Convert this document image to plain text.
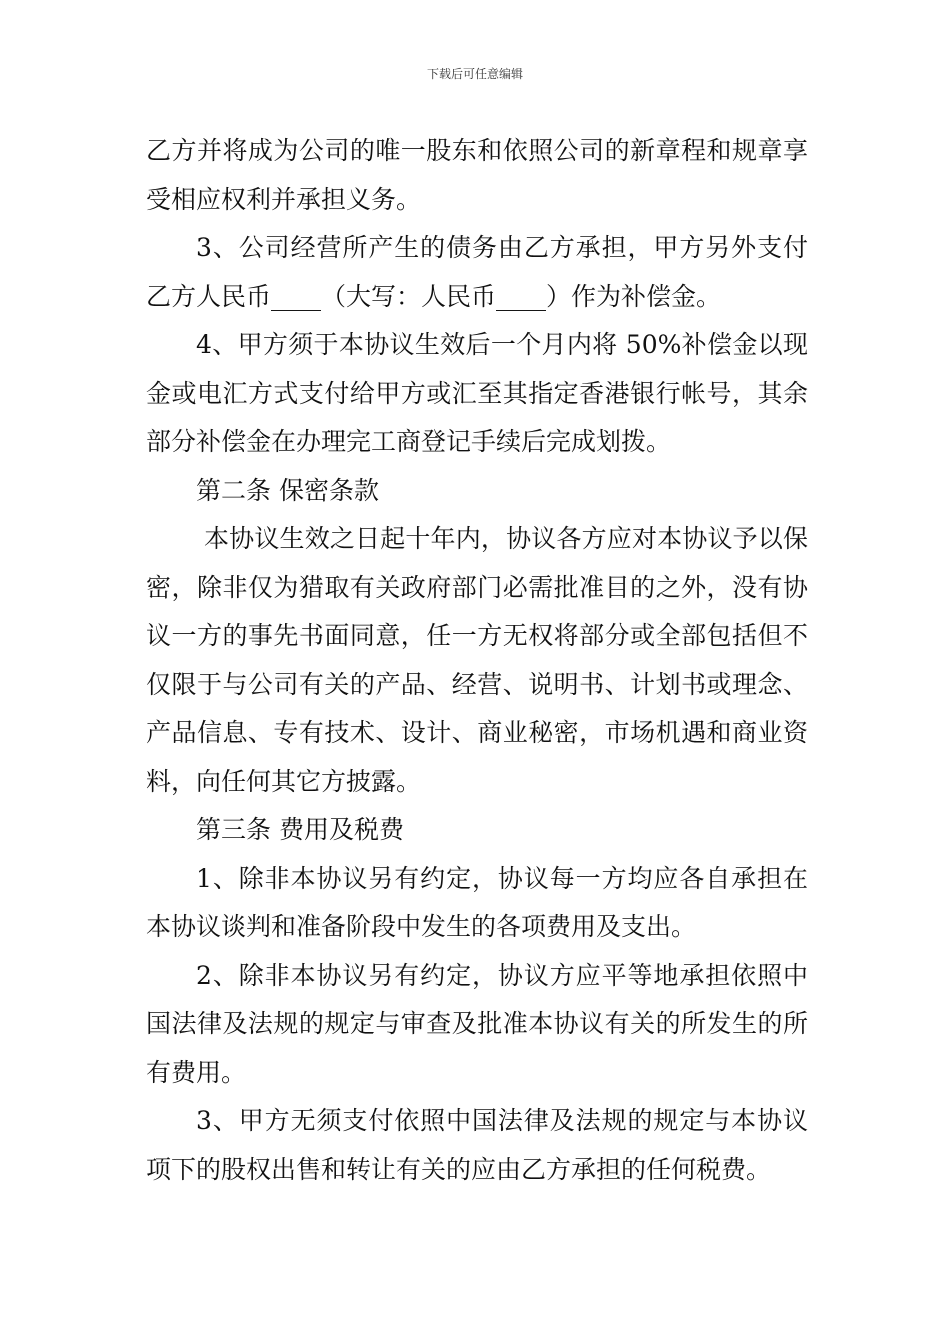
下载后可任意编辑

乙方并将成为公司的唯一股东和依照公司的新章程和规章享受相应权利并承担义务。

3、公司经营所产生的债务由乙方承担，甲方另外支付乙方人民币____（大写：人民币____）作为补偿金。

4、甲方须于本协议生效后一个月内将 50%补偿金以现金或电汇方式支付给甲方或汇至其指定香港银行帐号，其余部分补偿金在办理完工商登记手续后完成划拨。

第二条 保密条款

本协议生效之日起十年内，协议各方应对本协议予以保密，除非仅为猎取有关政府部门必需批准目的之外，没有协议一方的事先书面同意，任一方无权将部分或全部包括但不仅限于与公司有关的产品、经营、说明书、计划书或理念、产品信息、专有技术、设计、商业秘密，市场机遇和商业资料，向任何其它方披露。

第三条 费用及税费

1、除非本协议另有约定，协议每一方均应各自承担在本协议谈判和准备阶段中发生的各项费用及支出。

2、除非本协议另有约定，协议方应平等地承担依照中国法律及法规的规定与审查及批准本协议有关的所发生的所有费用。

3、甲方无须支付依照中国法律及法规的规定与本协议项下的股权出售和转让有关的应由乙方承担的任何税费。
